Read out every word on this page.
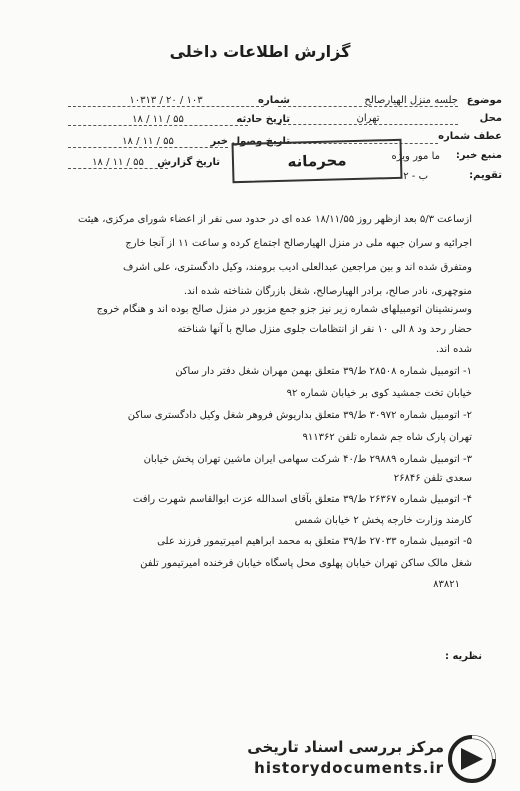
گزارش اطلاعات داخلی
شماره
۱۰۳۱۳ / ۲۰ / ۱۰۳
تاریخ حادثه
۱۸ / ۱۱ / ۵۵
تاریخ وصول خبر
۱۸ / ۱۱ / ۵۵
تاریخ گزارش
۱۸ / ۱۱ / ۵۵
موضوع
جلسه منزل الهیارصالح
محل
تهران
عطف شماره
منبع خبر:
ما مور ویژه
تقویم:
ب - ۲
محرمانه
ازساعت ۵/۳ بعد ازظهر روز ۱۸/۱۱/۵۵ عده ای در حدود سی نفر از اعضاء شورای مرکزی، هیئت
اجرائیه و سران جبهه ملی در منزل الهیارصالح اجتماع کرده و ساعت ۱۱ از آنجا خارج
ومتفرق شده اند و بین مراجعین عبدالعلی ادیب برومند، وکیل دادگستری، علی اشرف
منوچهری، نادر صالح، برادر الهیارصالح، شغل بازرگان شناخته شده اند.
وسرنشینان اتومبیلهای شماره زیر نیز جزو جمع مزبور در منزل صالح بوده اند و هنگام خروج
حضار رحد ود ۸ الی ۱۰ نفر از انتظامات جلوی منزل صالح با آنها شناخته
شده اند.
۱- اتومبیل شماره ۲۸۵۰۸ ط/۳۹ متعلق بهمن مهران شغل دفتر دار ساکن
خیابان تخت جمشید کوی بر خیابان شماره ۹۲
۲- اتومبیل شماره ۳۰۹۷۲ ط/۳۹ متعلق بداریوش فروهر شغل وکیل دادگستری ساکن
تهران پارک شاه جم شماره تلفن ۹۱۱۳۶۲
۳- اتومبیل شماره ۲۹۸۸۹ ط/۴۰ شرکت سهامی ایران ماشین تهران پخش خیابان
سعدی تلفن ۲۶۸۴۶
۴- اتومبیل شماره ۲۶۳۶۷ ط/۳۹ متعلق بآقای اسدالله عزت ابوالقاسم شهرت رافت
کارمند وزارت خارجه پخش ۲ خیابان شمس
۵- اتومبیل شماره ۲۷۰۳۳ ط/۳۹ متعلق به محمد ابراهیم امیرتیمور فرزند علی
شغل مالک ساکن تهران خیابان پهلوی محل پاسگاه خیابان فرخنده امیرتیمور تلفن
۸۳۸۲۱
نظریه :
مرکز بررسی اسناد تاریخی
historydocuments.ir
